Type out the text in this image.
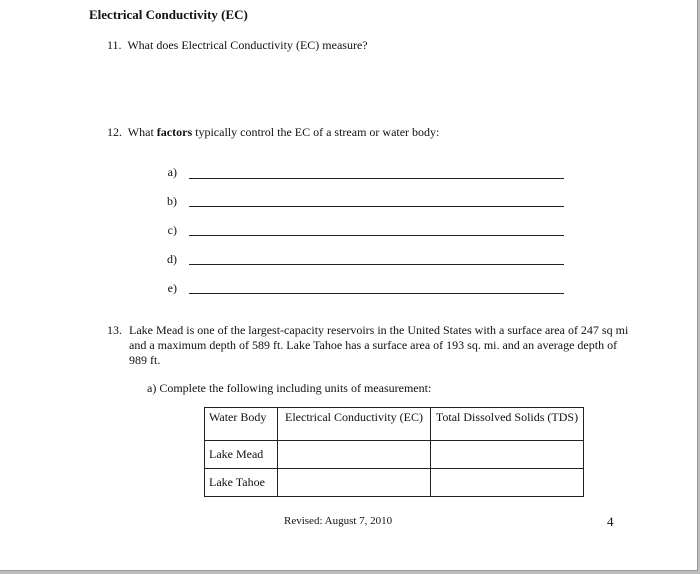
Electrical Conductivity (EC)
11. What does Electrical Conductivity (EC) measure?
12. What factors typically control the EC of a stream or water body:
a)
b)
c)
d)
e)
13. Lake Mead is one of the largest-capacity reservoirs in the United States with a surface area of 247 sq mi and a maximum depth of 589 ft. Lake Tahoe has a surface area of 193 sq. mi. and an average depth of 989 ft.
a) Complete the following including units of measurement:
Water Body	Electrical Conductivity (EC)	Total Dissolved Solids (TDS)
Lake Mead		
Lake Tahoe		
Revised: August 7, 2010	4
